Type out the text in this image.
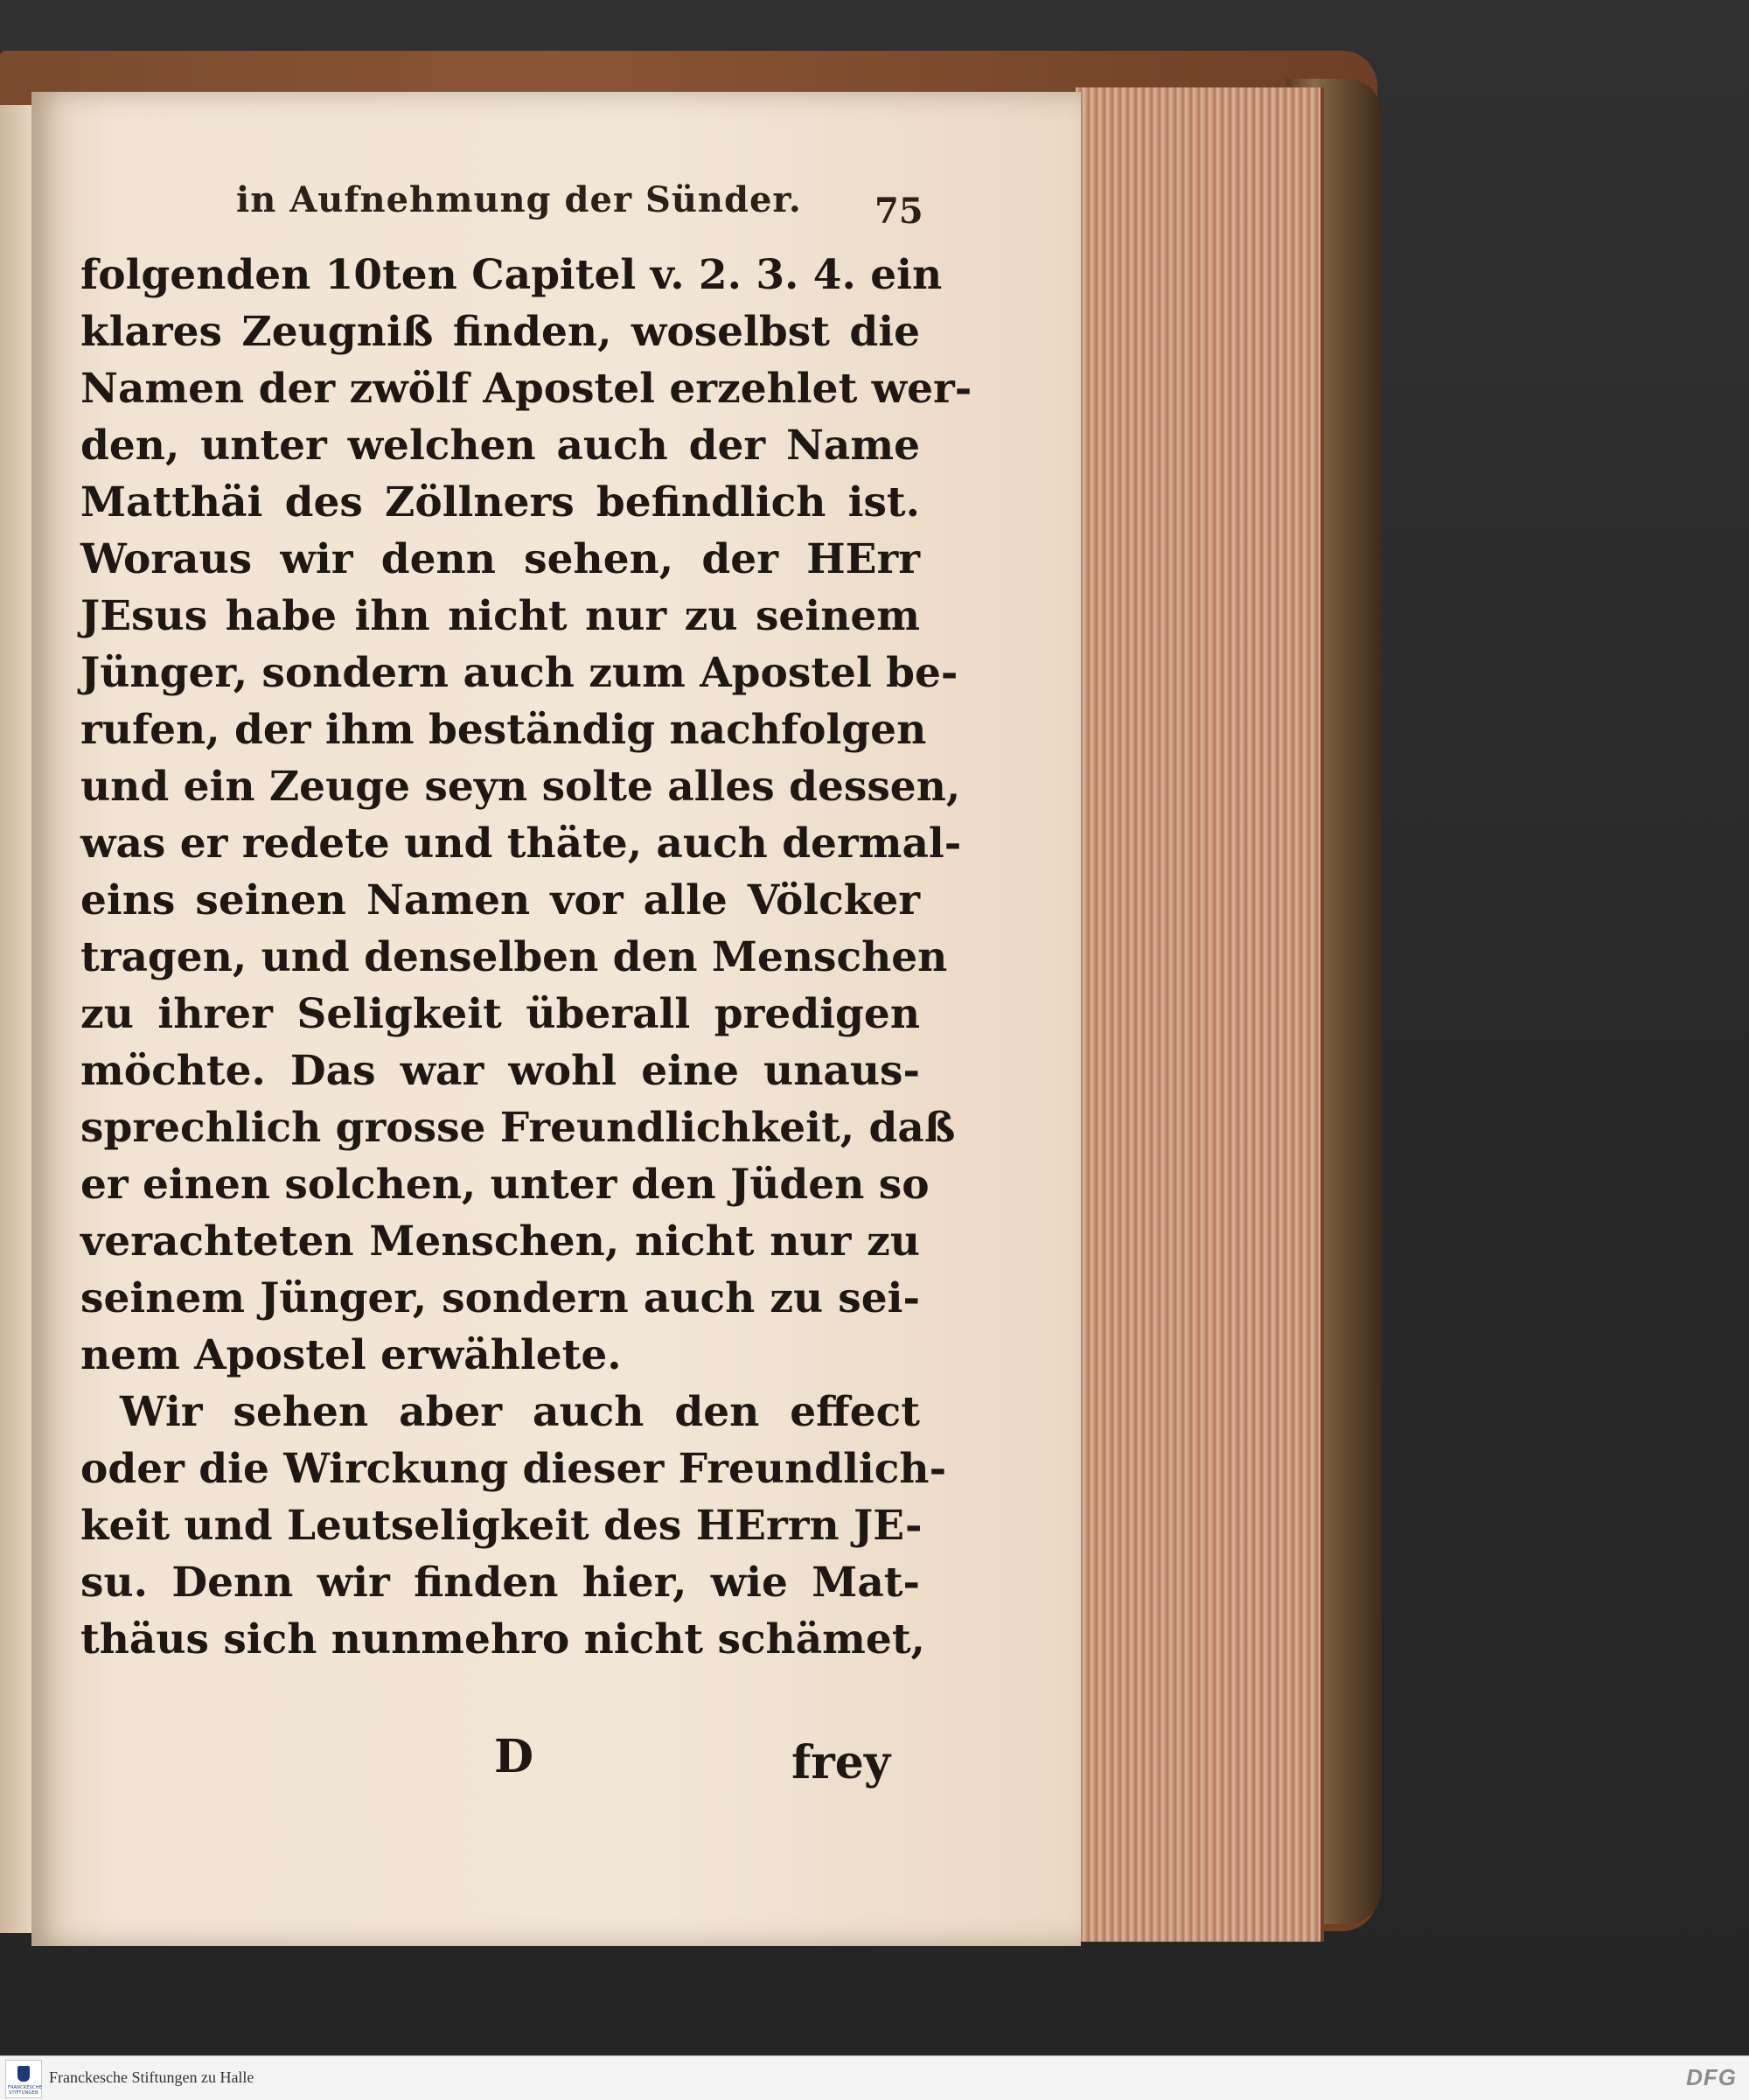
in Aufnehmung der Sünder.	75
folgenden 10ten Capitel v. 2. 3. 4. ein
klares Zeugniß finden, woselbst die
Namen der zwölf Apostel erzehlet wer-
den, unter welchen auch der Name
Matthäi des Zöllners befindlich ist.
Woraus wir denn sehen, der HErr
JEsus habe ihn nicht nur zu seinem
Jünger, sondern auch zum Apostel be-
rufen, der ihm beständig nachfolgen
und ein Zeuge seyn solte alles dessen,
was er redete und thäte, auch dermal-
eins seinen Namen vor alle Völcker
tragen, und denselben den Menschen
zu ihrer Seligkeit überall predigen
möchte. Das war wohl eine unaus-
sprechlich grosse Freundlichkeit, daß
er einen solchen, unter den Jüden so
verachteten Menschen, nicht nur zu
seinem Jünger, sondern auch zu sei-
nem Apostel erwählete.
Wir sehen aber auch den effect
oder die Wirckung dieser Freundlich-
keit und Leutseligkeit des HErrn JE-
su. Denn wir finden hier, wie Mat-
thäus sich nunmehro nicht schämet,
D	frey
FRANCKESCHE STIFTUNGEN
Franckesche Stiftungen zu Halle	DFG
